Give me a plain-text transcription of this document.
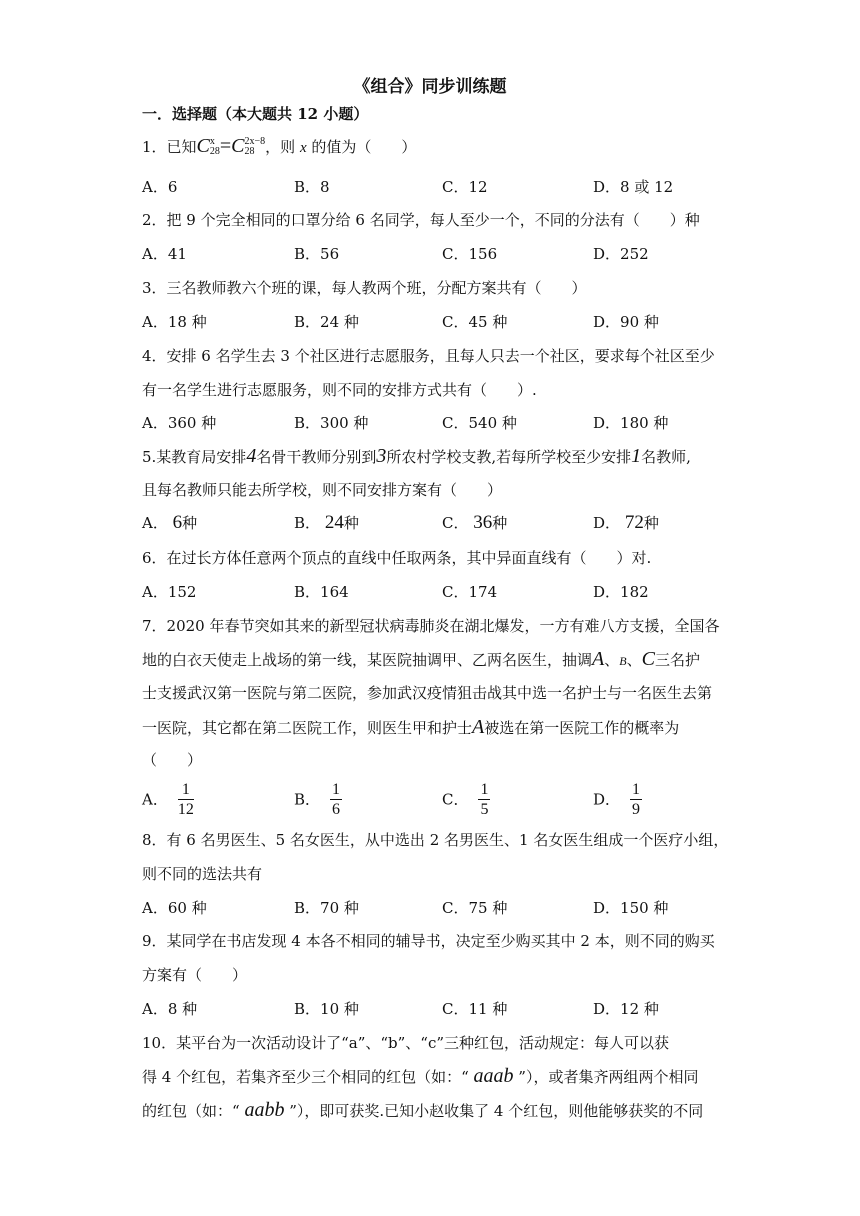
《组合》同步训练题
一．选择题（本大题共 12 小题）
1．已知C x
28 =C 2x−8
28 ，则 x 的值为（　　）
A．6	B．8	C．12	D．8 或 12
2．把 9 个完全相同的口罩分给 6 名同学，每人至少一个，不同的分法有（　　）种
A．41	B．56	C．156	D．252
3．三名教师教六个班的课，每人教两个班，分配方案共有（　　）
A．18 种	B．24 种	C．45 种	D．90 种
4．安排 6 名学生去 3 个社区进行志愿服务，且每人只去一个社区，要求每个社区至少
有一名学生进行志愿服务，则不同的安排方式共有（　　）.
A．360 种	B．300 种	C．540 种	D．180 种
5.某教育局安排4名骨干教师分别到3所农村学校支教,若每所学校至少安排1名教师,
且每名教师只能去所学校，则不同安排方案有（　　）
A． 6种	B． 24种	C． 36种	D． 72种
6．在过长方体任意两个顶点的直线中任取两条，其中异面直线有（　　）对.
A．152	B．164	C．174	D．182
7．2020 年春节突如其来的新型冠状病毒肺炎在湖北爆发，一方有难八方支援，全国各
地的白衣天使走上战场的第一线，某医院抽调甲、乙两名医生，抽调A、B、C三名护
士支援武汉第一医院与第二医院，参加武汉疫情狙击战其中选一名护士与一名医生去第
一医院，其它都在第二医院工作，则医生甲和护士A被选在第一医院工作的概率为
（　　）
A． $\frac{1}{12}$	B． $\frac{1}{6}$	C． $\frac{1}{5}$	D． $\frac{1}{9}$
8．有 6 名男医生、5 名女医生，从中选出 2 名男医生、1 名女医生组成一个医疗小组，
则不同的选法共有
A．60 种	B．70 种	C．75 种	D．150 种
9．某同学在书店发现 4 本各不相同的辅导书，决定至少购买其中 2 本，则不同的购买
方案有（　　）
A．8 种	B．10 种	C．11 种	D．12 种
10．某平台为一次活动设计了“a”、“b”、“c”三种红包，活动规定：每人可以获
得 4 个红包，若集齐至少三个相同的红包（如：“ aaab ”），或者集齐两组两个相同
的红包（如：“ aabb ”），即可获奖.已知小赵收集了 4 个红包，则他能够获奖的不同
